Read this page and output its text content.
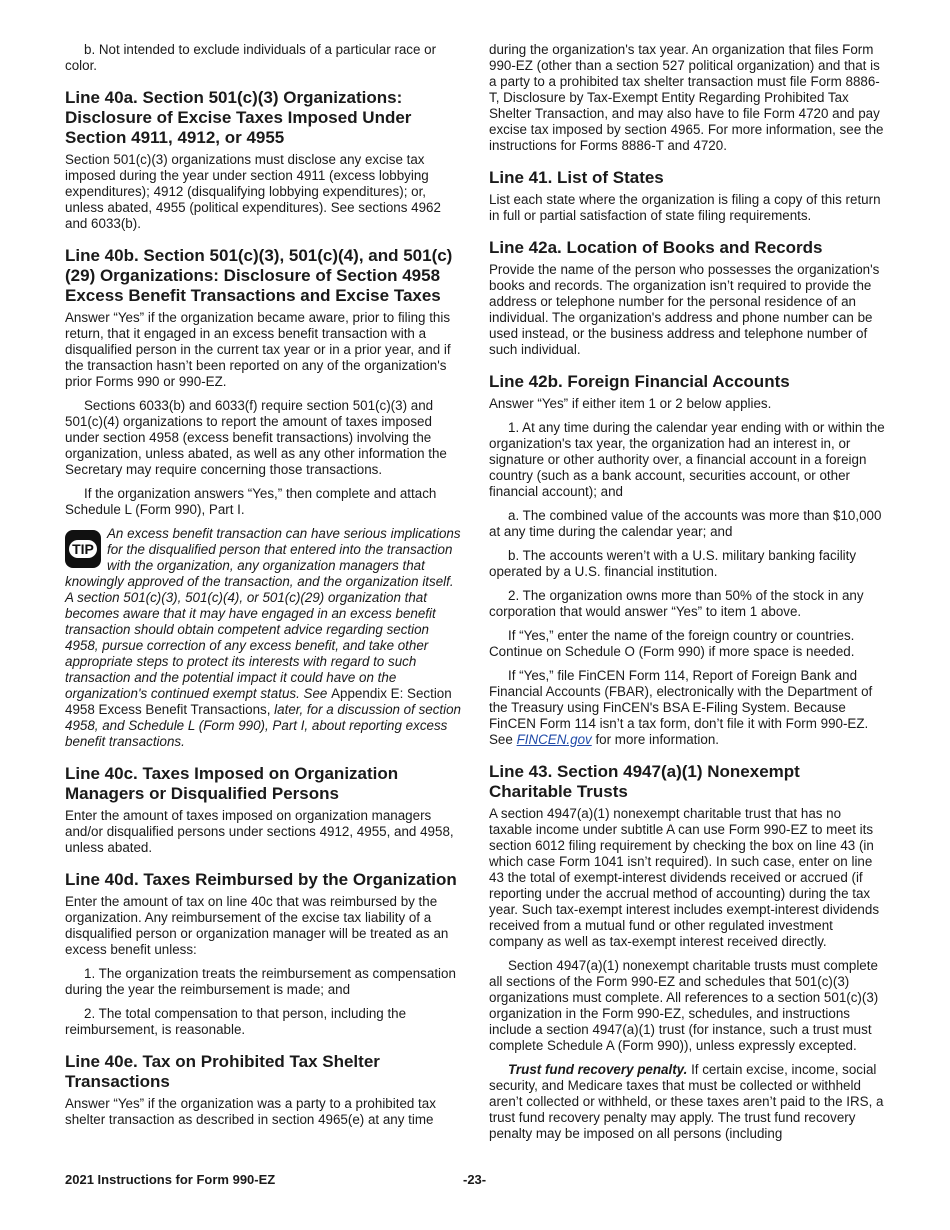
b. Not intended to exclude individuals of a particular race or color.

Line 40a. Section 501(c)(3) Organizations: Disclosure of Excise Taxes Imposed Under Section 4911, 4912, or 4955

Section 501(c)(3) organizations must disclose any excise tax imposed during the year under section 4911 (excess lobbying expenditures); 4912 (disqualifying lobbying expenditures); or, unless abated, 4955 (political expenditures). See sections 4962 and 6033(b).

Line 40b. Section 501(c)(3), 501(c)(4), and 501(c)(29) Organizations: Disclosure of Section 4958 Excess Benefit Transactions and Excise Taxes

Answer “Yes” if the organization became aware, prior to filing this return, that it engaged in an excess benefit transaction with a disqualified person in the current tax year or in a prior year, and if the transaction hasn’t been reported on any of the organization's prior Forms 990 or 990-EZ.

Sections 6033(b) and 6033(f) require section 501(c)(3) and 501(c)(4) organizations to report the amount of taxes imposed under section 4958 (excess benefit transactions) involving the organization, unless abated, as well as any other information the Secretary may require concerning those transactions.

If the organization answers “Yes,” then complete and attach Schedule L (Form 990), Part I.

TIP
An excess benefit transaction can have serious implications for the disqualified person that entered into the transaction with the organization, any organization managers that knowingly approved of the transaction, and the organization itself. A section 501(c)(3), 501(c)(4), or 501(c)(29) organization that becomes aware that it may have engaged in an excess benefit transaction should obtain competent advice regarding section 4958, pursue correction of any excess benefit, and take other appropriate steps to protect its interests with regard to such transaction and the potential impact it could have on the organization's continued exempt status. See Appendix E: Section 4958 Excess Benefit Transactions, later, for a discussion of section 4958, and Schedule L (Form 990), Part I, about reporting excess benefit transactions.
Line 40c. Taxes Imposed on Organization Managers or Disqualified Persons

Enter the amount of taxes imposed on organization managers and/or disqualified persons under sections 4912, 4955, and 4958, unless abated.

Line 40d. Taxes Reimbursed by the Organization

Enter the amount of tax on line 40c that was reimbursed by the organization. Any reimbursement of the excise tax liability of a disqualified person or organization manager will be treated as an excess benefit unless:

1. The organization treats the reimbursement as compensation during the year the reimbursement is made; and

2. The total compensation to that person, including the reimbursement, is reasonable.

Line 40e. Tax on Prohibited Tax Shelter Transactions

Answer “Yes” if the organization was a party to a prohibited tax shelter transaction as described in section 4965(e) at any time

during the organization's tax year. An organization that files Form 990-EZ (other than a section 527 political organization) and that is a party to a prohibited tax shelter transaction must file Form 8886-T, Disclosure by Tax-Exempt Entity Regarding Prohibited Tax Shelter Transaction, and may also have to file Form 4720 and pay excise tax imposed by section 4965. For more information, see the instructions for Forms 8886-T and 4720.

Line 41. List of States

List each state where the organization is filing a copy of this return in full or partial satisfaction of state filing requirements.

Line 42a. Location of Books and Records

Provide the name of the person who possesses the organization's books and records. The organization isn’t required to provide the address or telephone number for the personal residence of an individual. The organization's address and phone number can be used instead, or the business address and telephone number of such individual.

Line 42b. Foreign Financial Accounts

Answer “Yes” if either item 1 or 2 below applies.

1. At any time during the calendar year ending with or within the organization's tax year, the organization had an interest in, or signature or other authority over, a financial account in a foreign country (such as a bank account, securities account, or other financial account); and

a. The combined value of the accounts was more than $10,000 at any time during the calendar year; and

b. The accounts weren’t with a U.S. military banking facility operated by a U.S. financial institution.

2. The organization owns more than 50% of the stock in any corporation that would answer “Yes” to item 1 above.

If “Yes,” enter the name of the foreign country or countries. Continue on Schedule O (Form 990) if more space is needed.

If “Yes,” file FinCEN Form 114, Report of Foreign Bank and Financial Accounts (FBAR), electronically with the Department of the Treasury using FinCEN's BSA E-Filing System. Because FinCEN Form 114 isn’t a tax form, don’t file it with Form 990-EZ. See FINCEN.gov for more information.

Line 43. Section 4947(a)(1) Nonexempt Charitable Trusts

A section 4947(a)(1) nonexempt charitable trust that has no taxable income under subtitle A can use Form 990-EZ to meet its section 6012 filing requirement by checking the box on line 43 (in which case Form 1041 isn’t required). In such case, enter on line 43 the total of exempt-interest dividends received or accrued (if reporting under the accrual method of accounting) during the tax year. Such tax-exempt interest includes exempt-interest dividends received from a mutual fund or other regulated investment company as well as tax-exempt interest received directly.

Section 4947(a)(1) nonexempt charitable trusts must complete all sections of the Form 990-EZ and schedules that 501(c)(3) organizations must complete. All references to a section 501(c)(3) organization in the Form 990-EZ, schedules, and instructions include a section 4947(a)(1) trust (for instance, such a trust must complete Schedule A (Form 990)), unless expressly excepted.

Trust fund recovery penalty. If certain excise, income, social security, and Medicare taxes that must be collected or withheld aren’t collected or withheld, or these taxes aren’t paid to the IRS, a trust fund recovery penalty may apply. The trust fund recovery penalty may be imposed on all persons (including

2021 Instructions for Form 990-EZ	-23-
